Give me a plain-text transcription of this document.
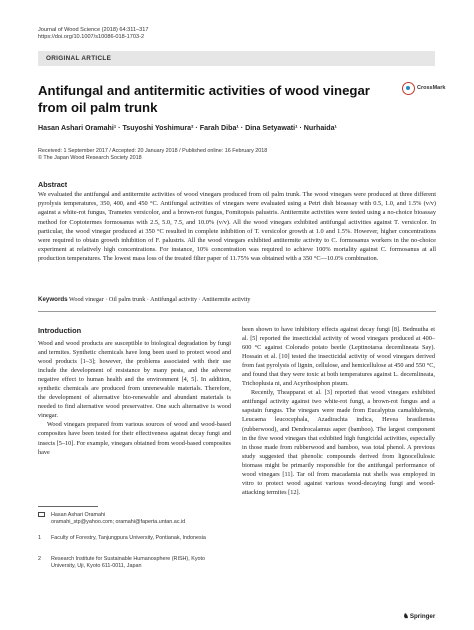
Journal of Wood Science (2018) 64:311–317
https://doi.org/10.1007/s10086-018-1703-2
ORIGINAL ARTICLE
Antifungal and antitermitic activities of wood vinegar from oil palm trunk
CrossMark
Hasan Ashari Oramahi¹ · Tsuyoshi Yoshimura² · Farah Diba¹ · Dina Setyawati¹ · Nurhaida¹
Received: 1 September 2017 / Accepted: 20 January 2018 / Published online: 16 February 2018
© The Japan Wood Research Society 2018
Abstract
We evaluated the antifungal and antitermite activities of wood vinegars produced from oil palm trunk. The wood vinegars were produced at three different pyrolysis temperatures, 350, 400, and 450 °C. Antifungal activities of vinegars were evaluated using a Petri dish bioassay with 0.5, 1.0, and 1.5% (v/v) against a white-rot fungus, Trametes versicolor, and a brown-rot fungus, Fomitopsis palustris. Antitermite activities were tested using a no-choice bioassay method for Coptotermes formosanus with 2.5, 5.0, 7.5, and 10.0% (v/v). All the wood vinegars exhibited antifungal activities against T. versicolor. In particular, the wood vinegar produced at 350 °C resulted in complete inhibition of T. versicolor growth at 1.0 and 1.5%. However, higher concentrations were required to obtain growth inhibition of F. palustris. All the wood vinegars exhibited antitermite activity to C. formosanus workers in the no-choice experiment at relatively high concentrations. For instance, 10% concentration was required to achieve 100% mortality against C. formosanus at all production temperatures. The lowest mass loss of the treated filter paper of 11.75% was obtained with a 350 °C—10.0% combination.
Keywords Wood vinegar · Oil palm trunk · Antifungal activity · Antitermite activity
Introduction

Wood and wood products are susceptible to biological degradation by fungi and termites. Synthetic chemicals have long been used to protect wood and wood products [1–3]; however, the problems associated with their use include the development of resistance by many pests, and the adverse negative effect to human health and the environment [4, 5]. In addition, synthetic chemicals are produced from unrenewable materials. Therefore, the development of alternative bio-renewable and abundant materials is needed to find alternative wood preservative. One such alternative is wood vinegar.

Wood vinegars prepared from various sources of wood and wood-based composites have been tested for their effectiveness against decay fungi and insects [5–10]. For example, vinegars obtained from wood-based composites have

been shown to have inhibitory effects against decay fungi [8]. Bedmutha et al. [5] reported the insecticidal activity of wood vinegars produced at 400–600 °C against Colorado potato beetle (Leptinotarsa decemlineata Say). Hossain et al. [10] tested the insecticidal activity of wood vinegars derived from fast pyrolysis of lignin, cellulose, and hemicellulose at 450 and 550 °C, and found that they were toxic at both temperatures against L. decemlineata, Trichoplusia ni, and Acyrthosiphon pisum.

Recently, Theapparat et al. [3] reported that wood vinegars exhibited antifungal activity against two white-rot fungi, a brown-rot fungus and a sapstain fungus. The vinegars were made from Eucalyptus camaldulensis, Leucaena leucocephala, Azadirachta indica, Hevea brasiliensis (rubberwood), and Dendrocalamus asper (bamboo). The largest component in the five wood vinegars that exhibited high fungicidal activities, especially in those made from rubberwood and bamboo, was total phenol. A previous study suggested that phenolic compounds derived from lignocellulosic biomass might be primarily responsible for the antifungal performance of wood vinegars [11]. Tar oil from macadamia nut shells was employed in vitro to protect wood against various wood-decaying fungi and wood-attacking termites [12].

Hasan Ashari Oramahi
oramahi_stp@yahoo.com; oramahi@faperta.untan.ac.id
1 Faculty of Forestry, Tanjungpura University, Pontianak, Indonesia
2 Research Institute for Sustainable Humanosphere (RISH), Kyoto University, Uji, Kyoto 611-0011, Japan
♞Springer
